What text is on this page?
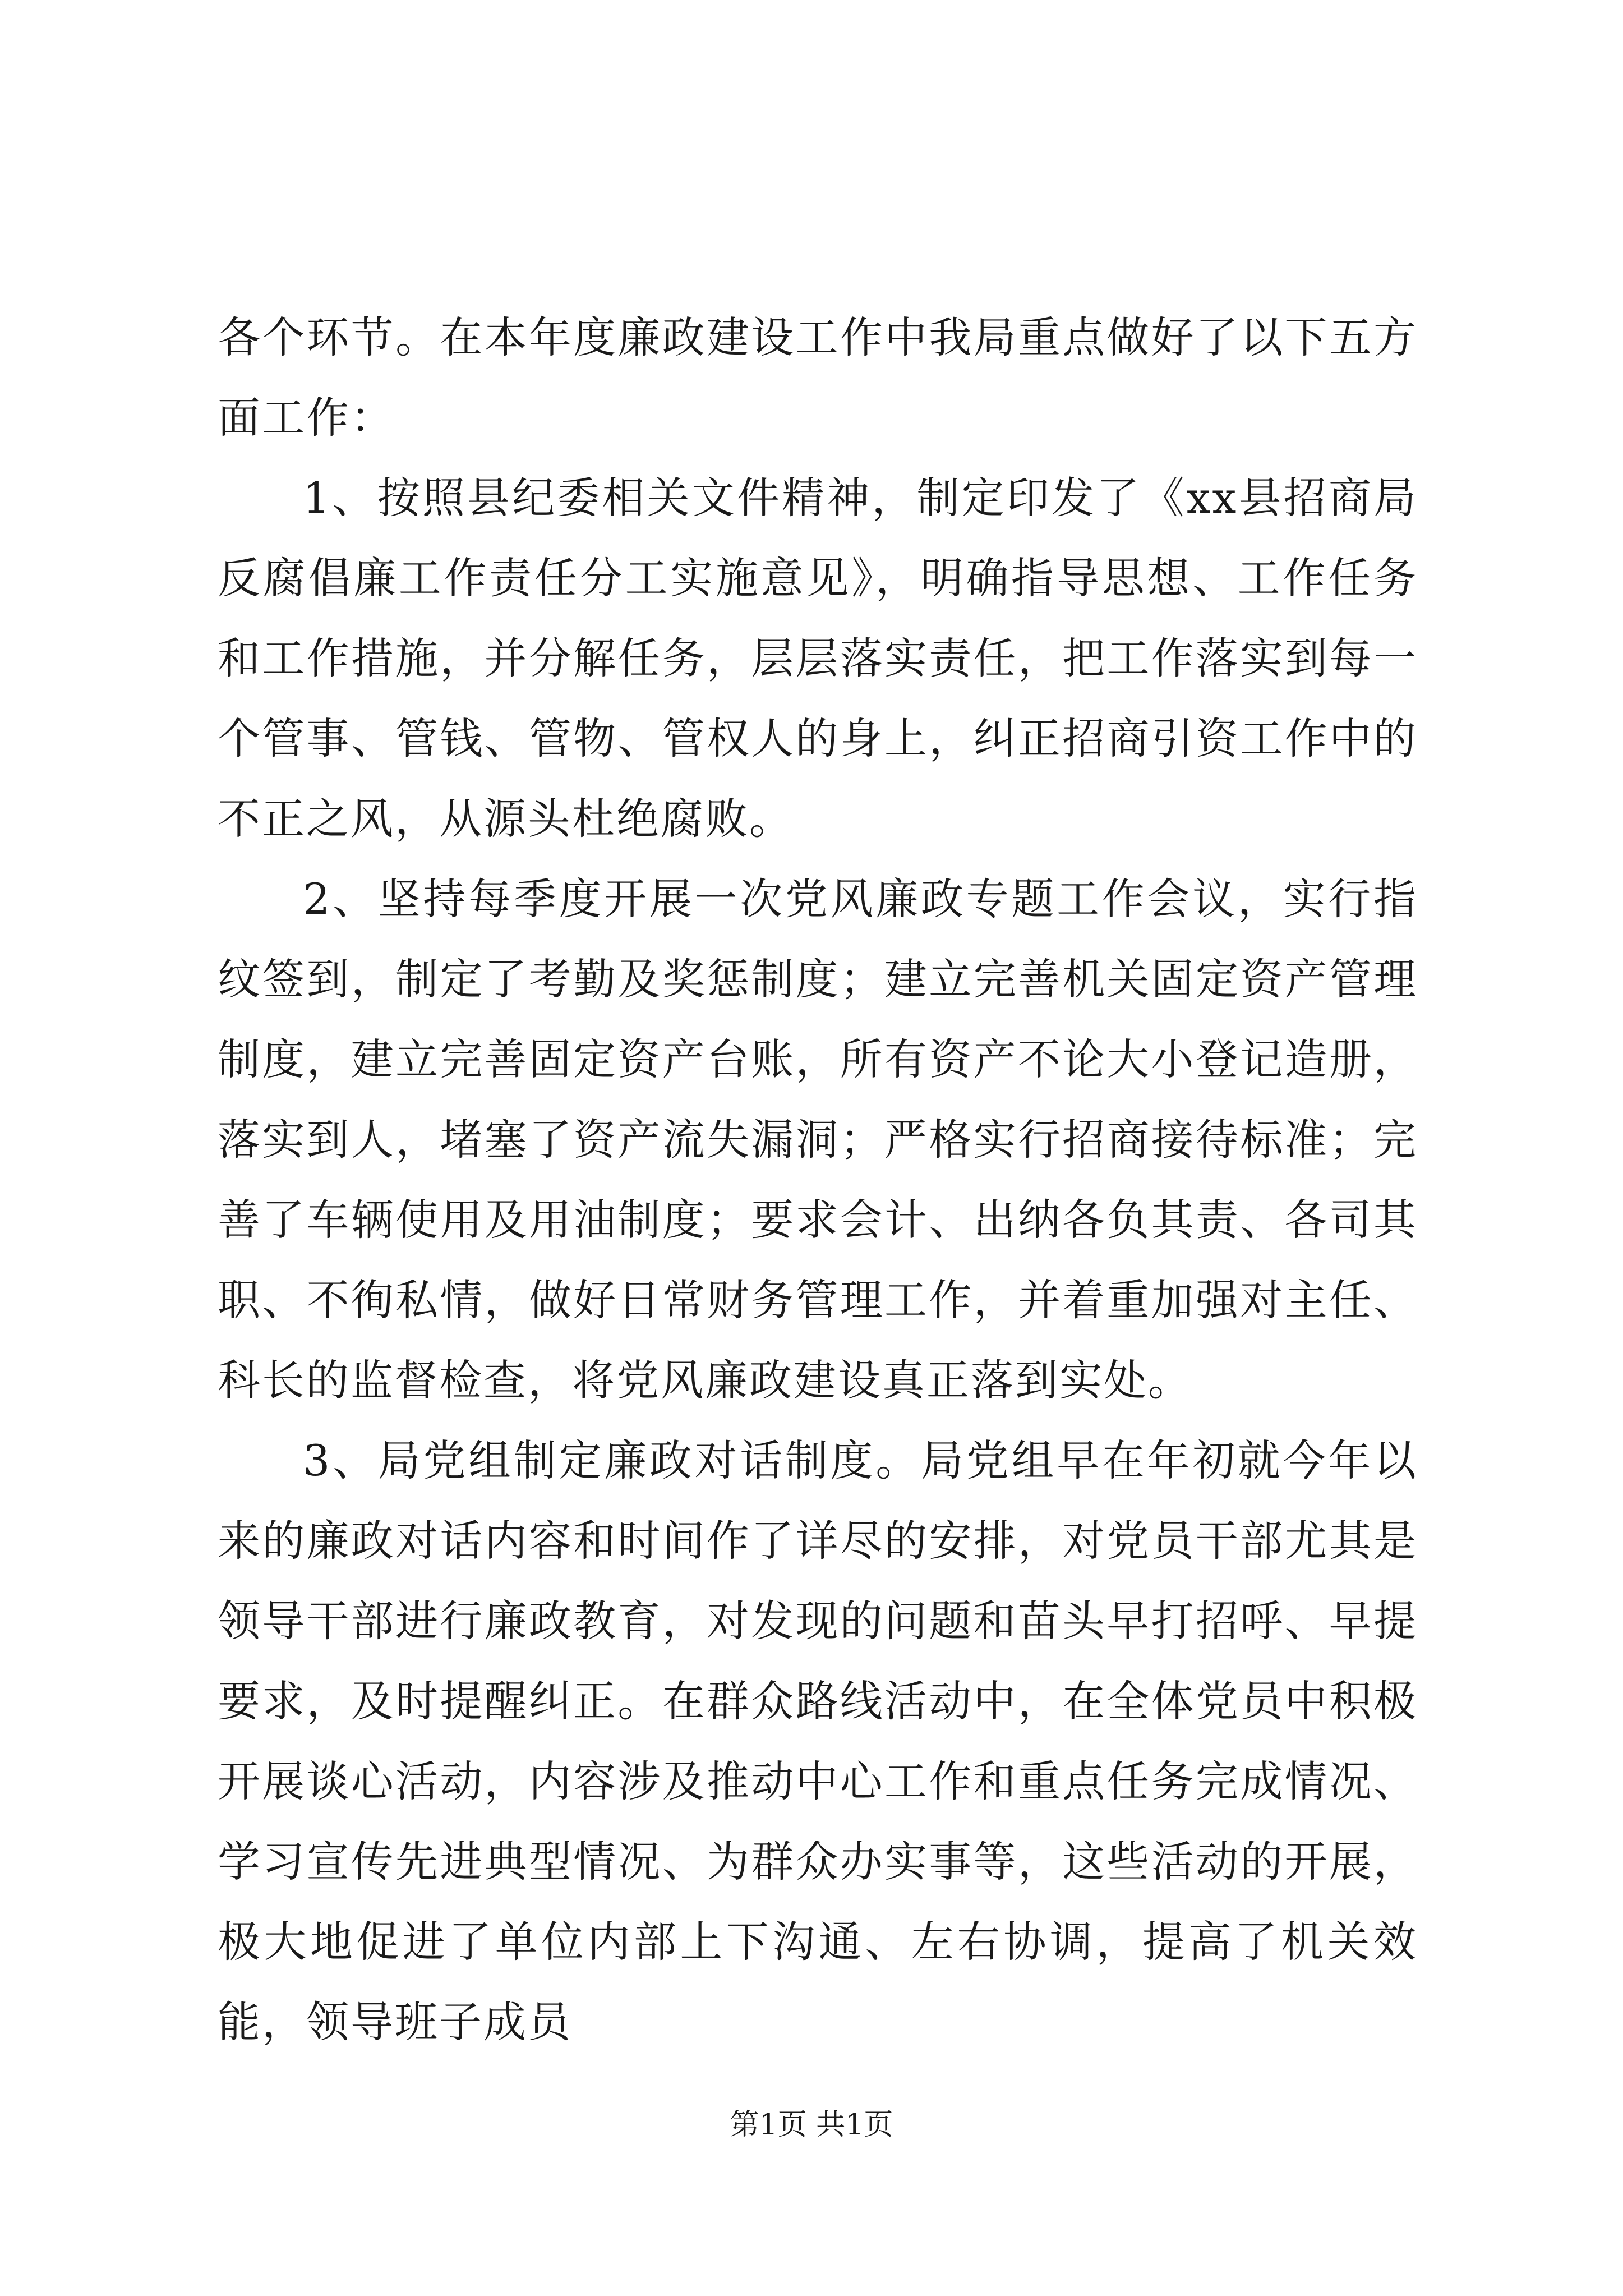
各个环节。在本年度廉政建设工作中我局重点做好了以下五方面工作：

1、按照县纪委相关文件精神，制定印发了《xx县招商局反腐倡廉工作责任分工实施意见》，明确指导思想、工作任务和工作措施，并分解任务，层层落实责任，把工作落实到每一个管事、管钱、管物、管权人的身上，纠正招商引资工作中的不正之风，从源头杜绝腐败。

2、坚持每季度开展一次党风廉政专题工作会议，实行指纹签到，制定了考勤及奖惩制度；建立完善机关固定资产管理制度，建立完善固定资产台账，所有资产不论大小登记造册，落实到人，堵塞了资产流失漏洞；严格实行招商接待标准；完善了车辆使用及用油制度；要求会计、出纳各负其责、各司其职、不徇私情，做好日常财务管理工作，并着重加强对主任、科长的监督检查，将党风廉政建设真正落到实处。

3、局党组制定廉政对话制度。局党组早在年初就今年以来的廉政对话内容和时间作了详尽的安排，对党员干部尤其是领导干部进行廉政教育，对发现的问题和苗头早打招呼、早提要求，及时提醒纠正。在群众路线活动中，在全体党员中积极开展谈心活动，内容涉及推动中心工作和重点任务完成情况、学习宣传先进典型情况、为群众办实事等，这些活动的开展，极大地促进了单位内部上下沟通、左右协调，提高了机关效能，领导班子成员

第1页 共1页
